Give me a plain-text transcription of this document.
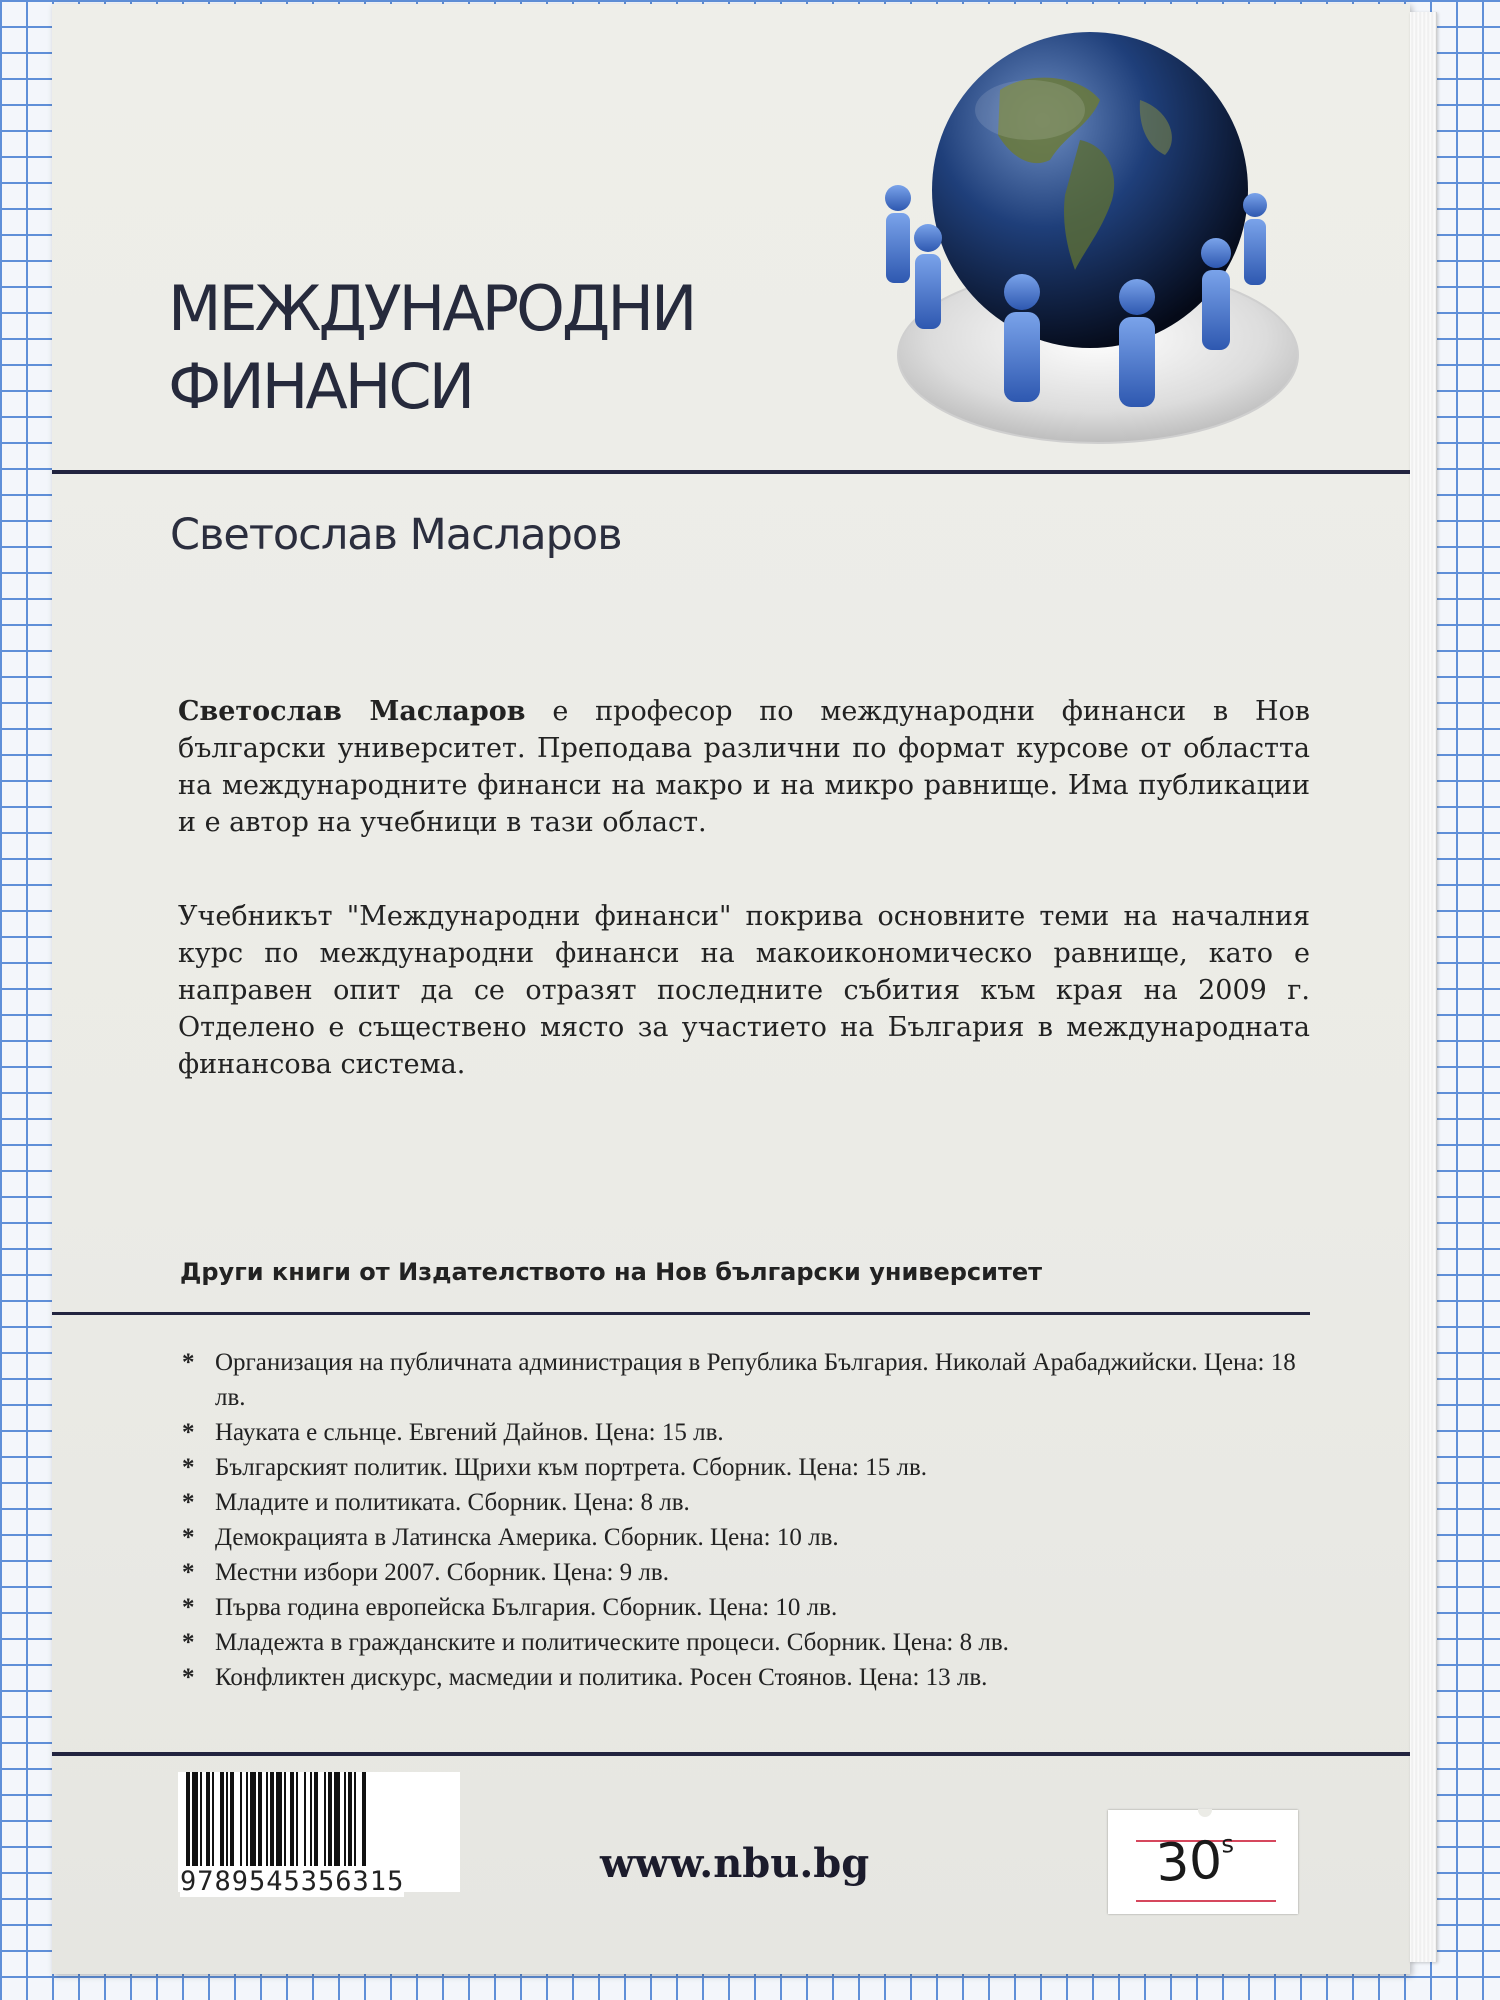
МЕЖДУНАРОДНИ
ФИНАНСИ
Светослав Масларов

Светослав Масларов е професор по международни финанси в Нов български университет. Преподава различни по формат курсове от областта на международните финанси на макро и на микро равнище. Има публикации и е автор на учебници в тази област.

Учебникът "Международни финанси" покрива основните теми на началния курс по международни финанси на макоикономическо равнище, като е направен опит да се отразят последните събития към края на 2009 г. Отделено е съществено място за участието на България в международната финансова система.

Други книги от Издателството на Нов български университет
* Организация на публичната администрация в Република България. Николай Арабаджийски. Цена: 18 лв.
* Науката е сльнце. Евгений Дайнов. Цена: 15 лв.
* Българският политик. Щрихи към портрета. Сборник. Цена: 15 лв.
* Младите и политиката. Сборник. Цена: 8 лв.
* Демокрацията в Латинска Америка. Сборник. Цена: 10 лв.
* Местни избори 2007. Сборник. Цена: 9 лв.
* Първа година европейска България. Сборник. Цена: 10 лв.
* Младежта в гражданските и политическите процеси. Сборник. Цена: 8 лв.
* Конфликтен дискурс, масмедии и политика. Росен Стоянов. Цена: 13 лв.

9789545356315	www.nbu.bg	30$^s$
